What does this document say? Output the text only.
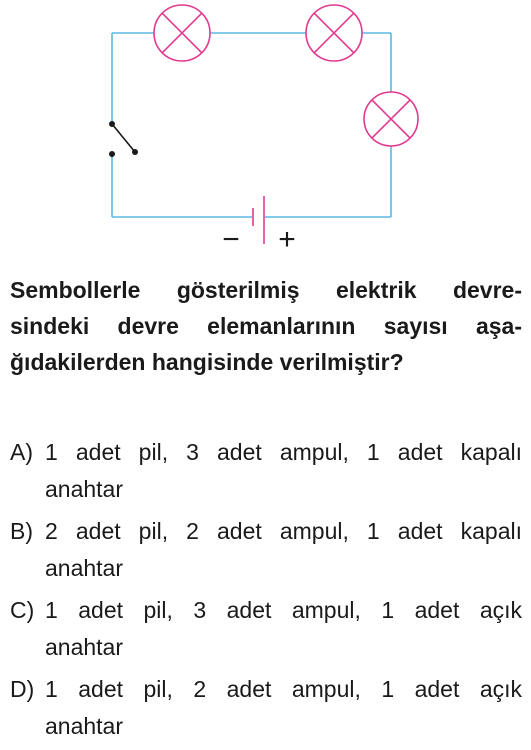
− +
Sembollerle gösterilmiş elektrik devre-
sindeki devre elemanlarının sayısı aşa-
ğıdakilerden hangisinde verilmiştir?
A) 1 adet pil, 3 adet ampul, 1 adet kapalı
anahtar
B) 2 adet pil, 2 adet ampul, 1 adet kapalı
anahtar
C) 1 adet pil, 3 adet ampul, 1 adet açık
anahtar
D) 1 adet pil, 2 adet ampul, 1 adet açık
anahtar
